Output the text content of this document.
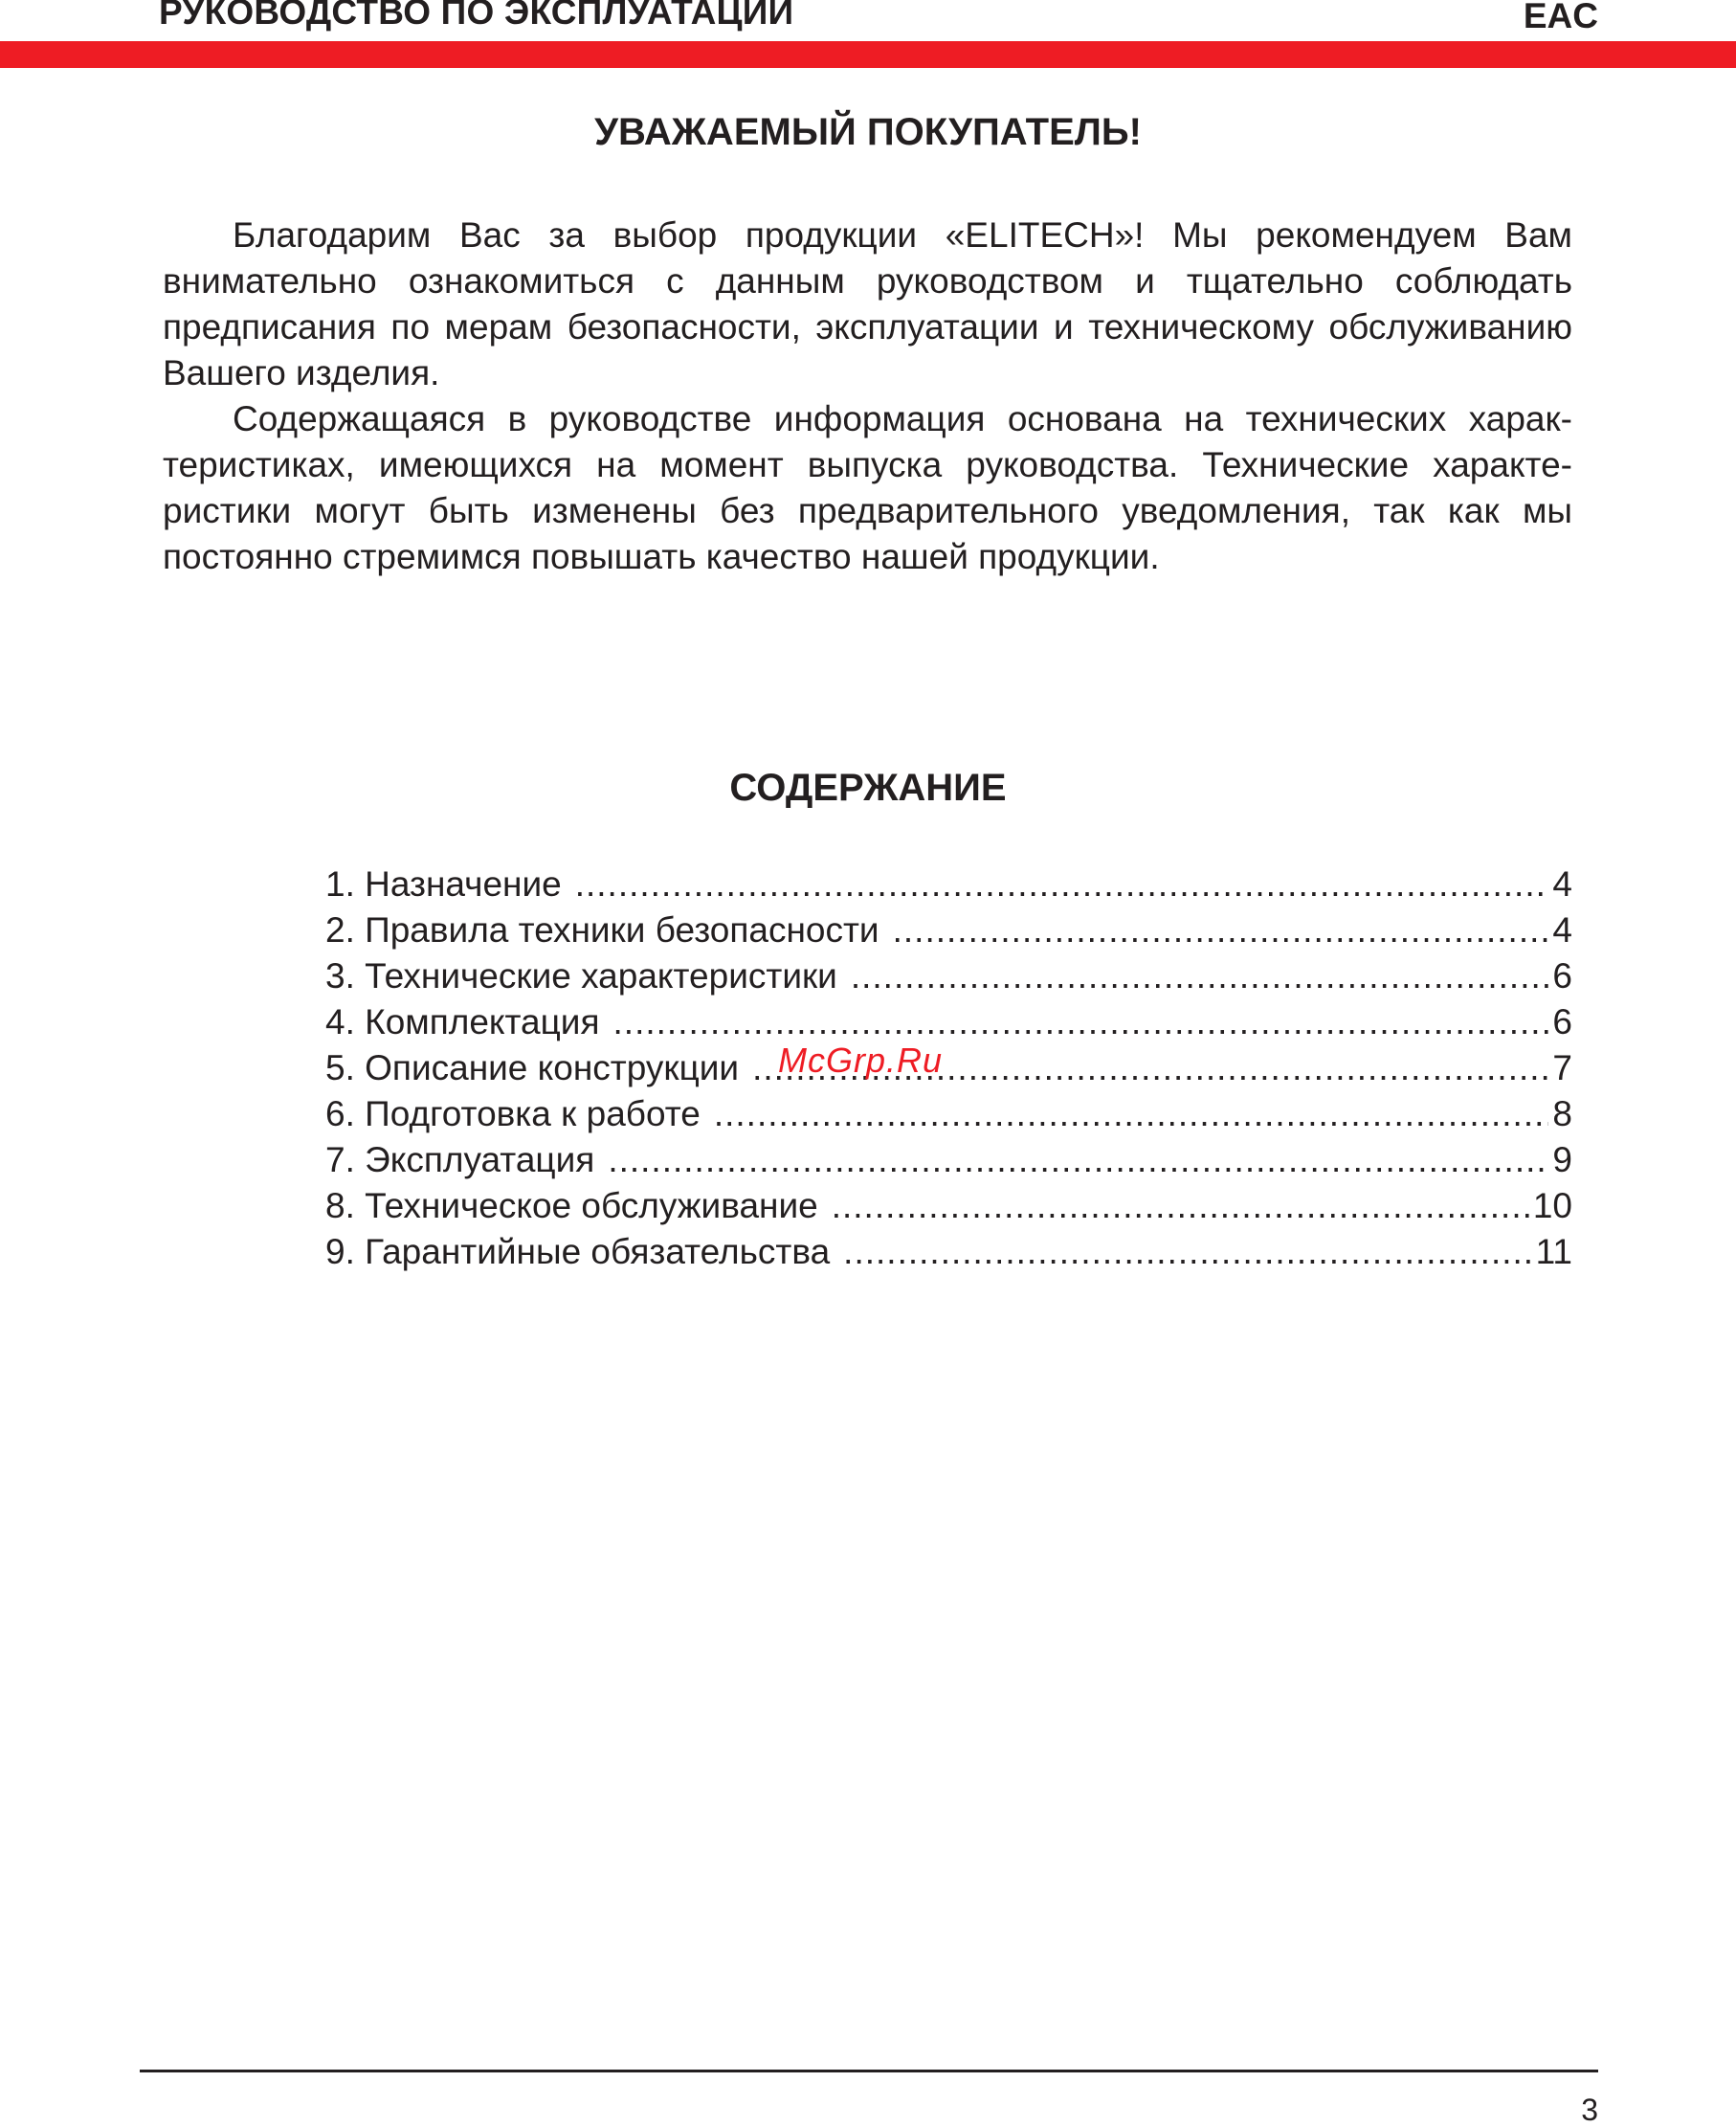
РУКОВОДСТВО ПО ЭКСПЛУАТАЦИИ	EAC
УВАЖАЕМЫЙ ПОКУПАТЕЛЬ!

Благодарим Вас за выбор продукции «ELITECH»! Мы рекомендуем Вам внимательно ознакомиться с данным руководством и тщательно соблюдать предписания по мерам безопасности, эксплуатации и техническому обслуживанию Вашего изделия.

Содержащаяся в руководстве информация основана на технических характеристиках, имеющихся на момент выпуска руководства. Технические характеристики могут быть изменены без предварительного уведомления, так как мы постоянно стремимся повышать качество нашей продукции.

СОДЕРЖАНИЕ
1. Назначение .....	4
2. Правила техники безопасности .....	4
3. Технические характеристики .....	6
4. Комплектация .....	6
5. Описание конструкции .....	7
6. Подготовка к работе .....	8
7. Эксплуатация .....	9
8. Техническое обслуживание .....	10
9. Гарантийные обязательства .....	11
McGrp.Ru
3
